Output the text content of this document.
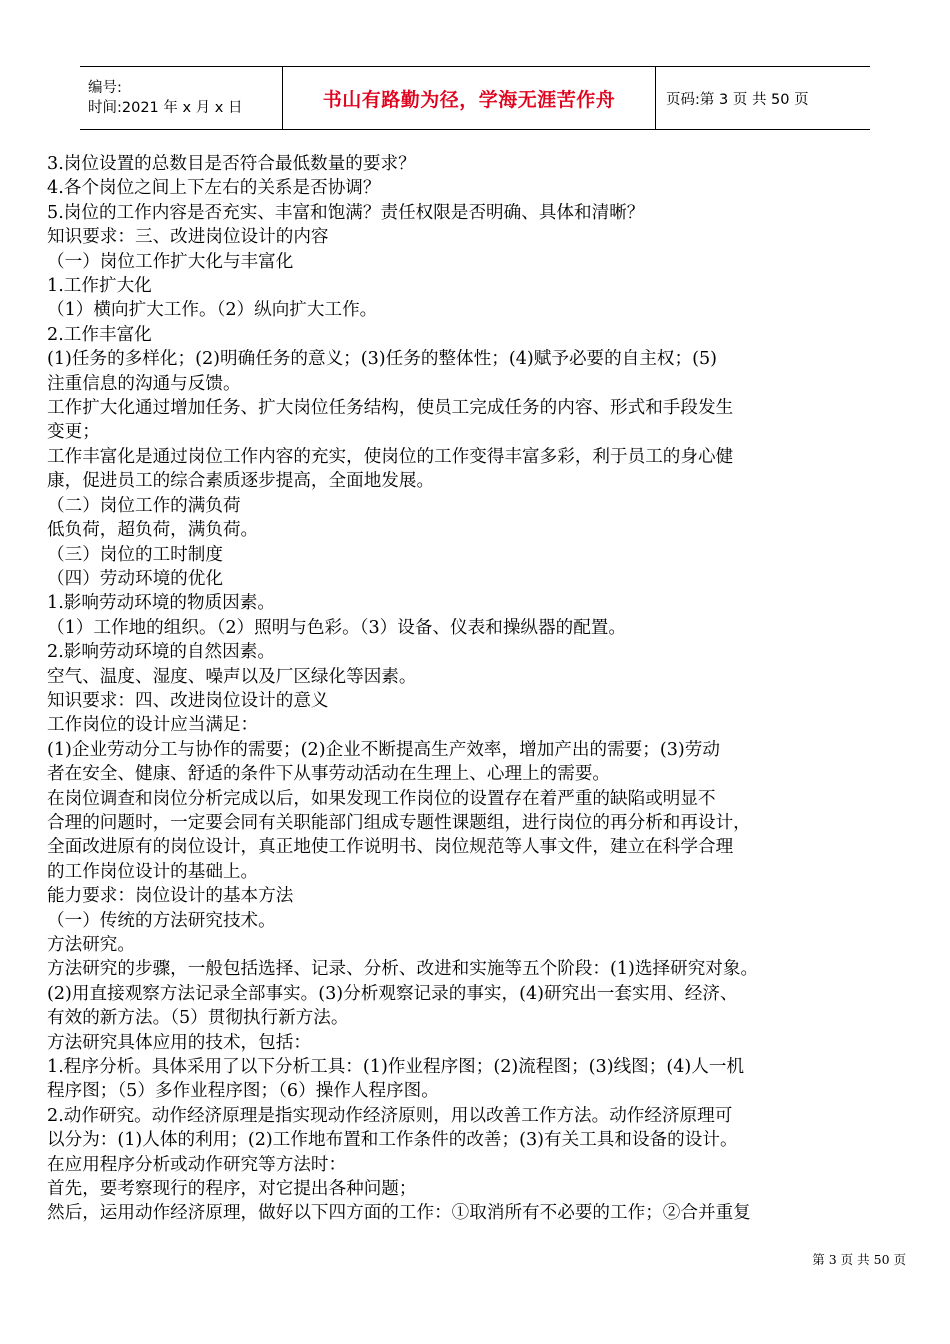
编号:
时间:2021 年 x 月 x 日	书山有路勤为径，学海无涯苦作舟	页码:第 3 页 共 50 页

3.岗位设置的总数目是否符合最低数量的要求？

4.各个岗位之间上下左右的关系是否协调？

5.岗位的工作内容是否充实、丰富和饱满？责任权限是否明确、具体和清晰？

知识要求：三、改进岗位设计的内容

（一）岗位工作扩大化与丰富化

1.工作扩大化

（1）横向扩大工作。（2）纵向扩大工作。

2.工作丰富化

(1)任务的多样化；(2)明确任务的意义；(3)任务的整体性；(4)赋予必要的自主权；(5)

注重信息的沟通与反馈。

工作扩大化通过增加任务、扩大岗位任务结构，使员工完成任务的内容、形式和手段发生

变更；

工作丰富化是通过岗位工作内容的充实，使岗位的工作变得丰富多彩，利于员工的身心健

康，促进员工的综合素质逐步提高，全面地发展。

（二）岗位工作的满负荷

低负荷，超负荷，满负荷。

（三）岗位的工时制度

（四）劳动环境的优化

1.影响劳动环境的物质因素。

（1）工作地的组织。（2）照明与色彩。（3）设备、仪表和操纵器的配置。

2.影响劳动环境的自然因素。

空气、温度、湿度、噪声以及厂区绿化等因素。

知识要求：四、改进岗位设计的意义

工作岗位的设计应当满足：

(1)企业劳动分工与协作的需要；(2)企业不断提高生产效率，增加产出的需要；(3)劳动

者在安全、健康、舒适的条件下从事劳动活动在生理上、心理上的需要。

在岗位调查和岗位分析完成以后，如果发现工作岗位的设置存在着严重的缺陷或明显不

合理的问题时，一定要会同有关职能部门组成专题性课题组，进行岗位的再分析和再设计，

全面改进原有的岗位设计，真正地使工作说明书、岗位规范等人事文件，建立在科学合理

的工作岗位设计的基础上。

能力要求：岗位设计的基本方法

（一）传统的方法研究技术。

方法研究。

方法研究的步骤，一般包括选择、记录、分析、改进和实施等五个阶段：(1)选择研究对象。

(2)用直接观察方法记录全部事实。(3)分析观察记录的事实，(4)研究出一套实用、经济、

有效的新方法。（5）贯彻执行新方法。

方法研究具体应用的技术，包括：

1.程序分析。具体采用了以下分析工具：(1)作业程序图；(2)流程图；(3)线图；(4)人一机

程序图；（5）多作业程序图；（6）操作人程序图。

2.动作研究。动作经济原理是指实现动作经济原则，用以改善工作方法。动作经济原理可

以分为：(1)人体的利用；(2)工作地布置和工作条件的改善；(3)有关工具和设备的设计。

在应用程序分析或动作研究等方法时：

首先，要考察现行的程序，对它提出各种问题；

然后，运用动作经济原理，做好以下四方面的工作：①取消所有不必要的工作；②合并重复

第 3 页 共 50 页
